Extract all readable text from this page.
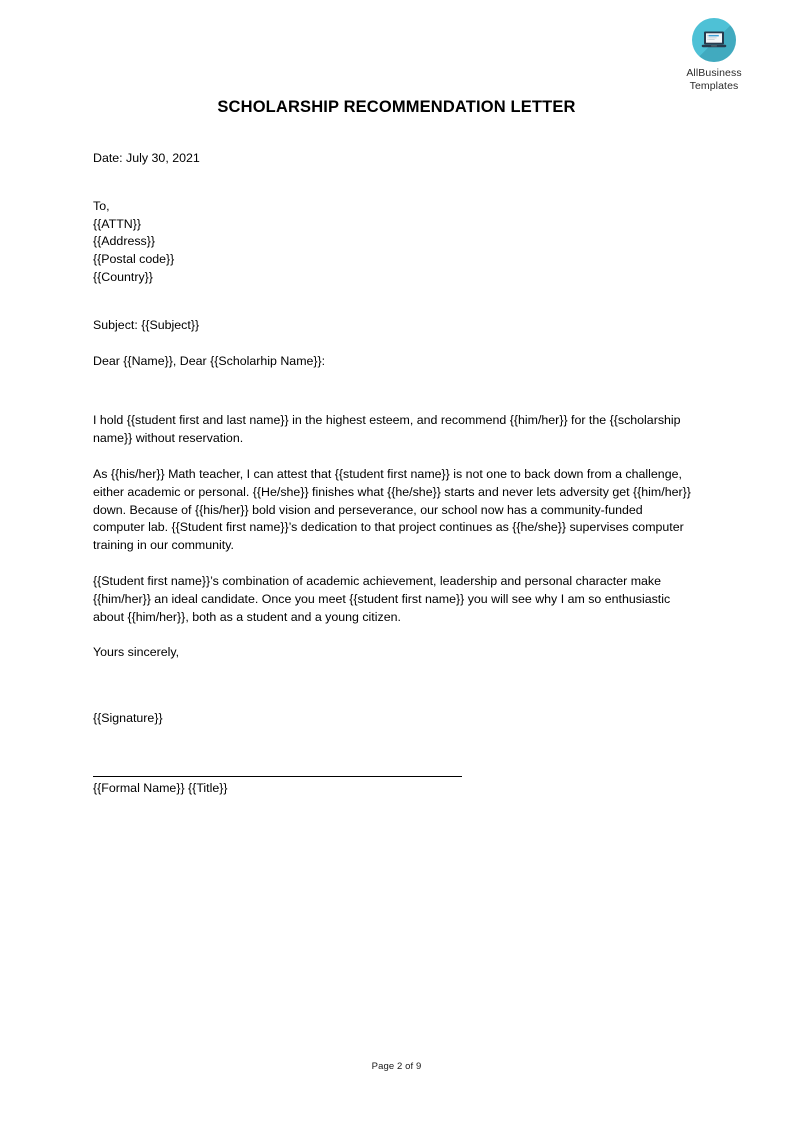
AllBusiness
Templates
SCHOLARSHIP RECOMMENDATION LETTER
Date: July 30, 2021
To,
{{ATTN}}
{{Address}}
{{Postal code}}
{{Country}}
Subject: {{Subject}}
Dear {{Name}}, Dear {{Scholarhip Name}}:
I hold {{student first and last name}} in the highest esteem, and recommend {{him/her}} for the {{scholarship name}} without reservation.
As {{his/her}} Math teacher, I can attest that {{student first name}} is not one to back down from a challenge, either academic or personal. {{He/she}} finishes what {{he/she}} starts and never lets adversity get {{him/her}} down. Because of {{his/her}} bold vision and perseverance, our school now has a community-funded computer lab. {{Student first name}}’s dedication to that project continues as {{he/she}} supervises computer training in our community.
{{Student first name}}’s combination of academic achievement, leadership and personal character make {{him/her}} an ideal candidate. Once you meet {{student first name}} you will see why I am so enthusiastic about {{him/her}}, both as a student and a young citizen.
Yours sincerely,
{{Signature}}
{{Formal Name}} {{Title}}
Page 2 of 9
